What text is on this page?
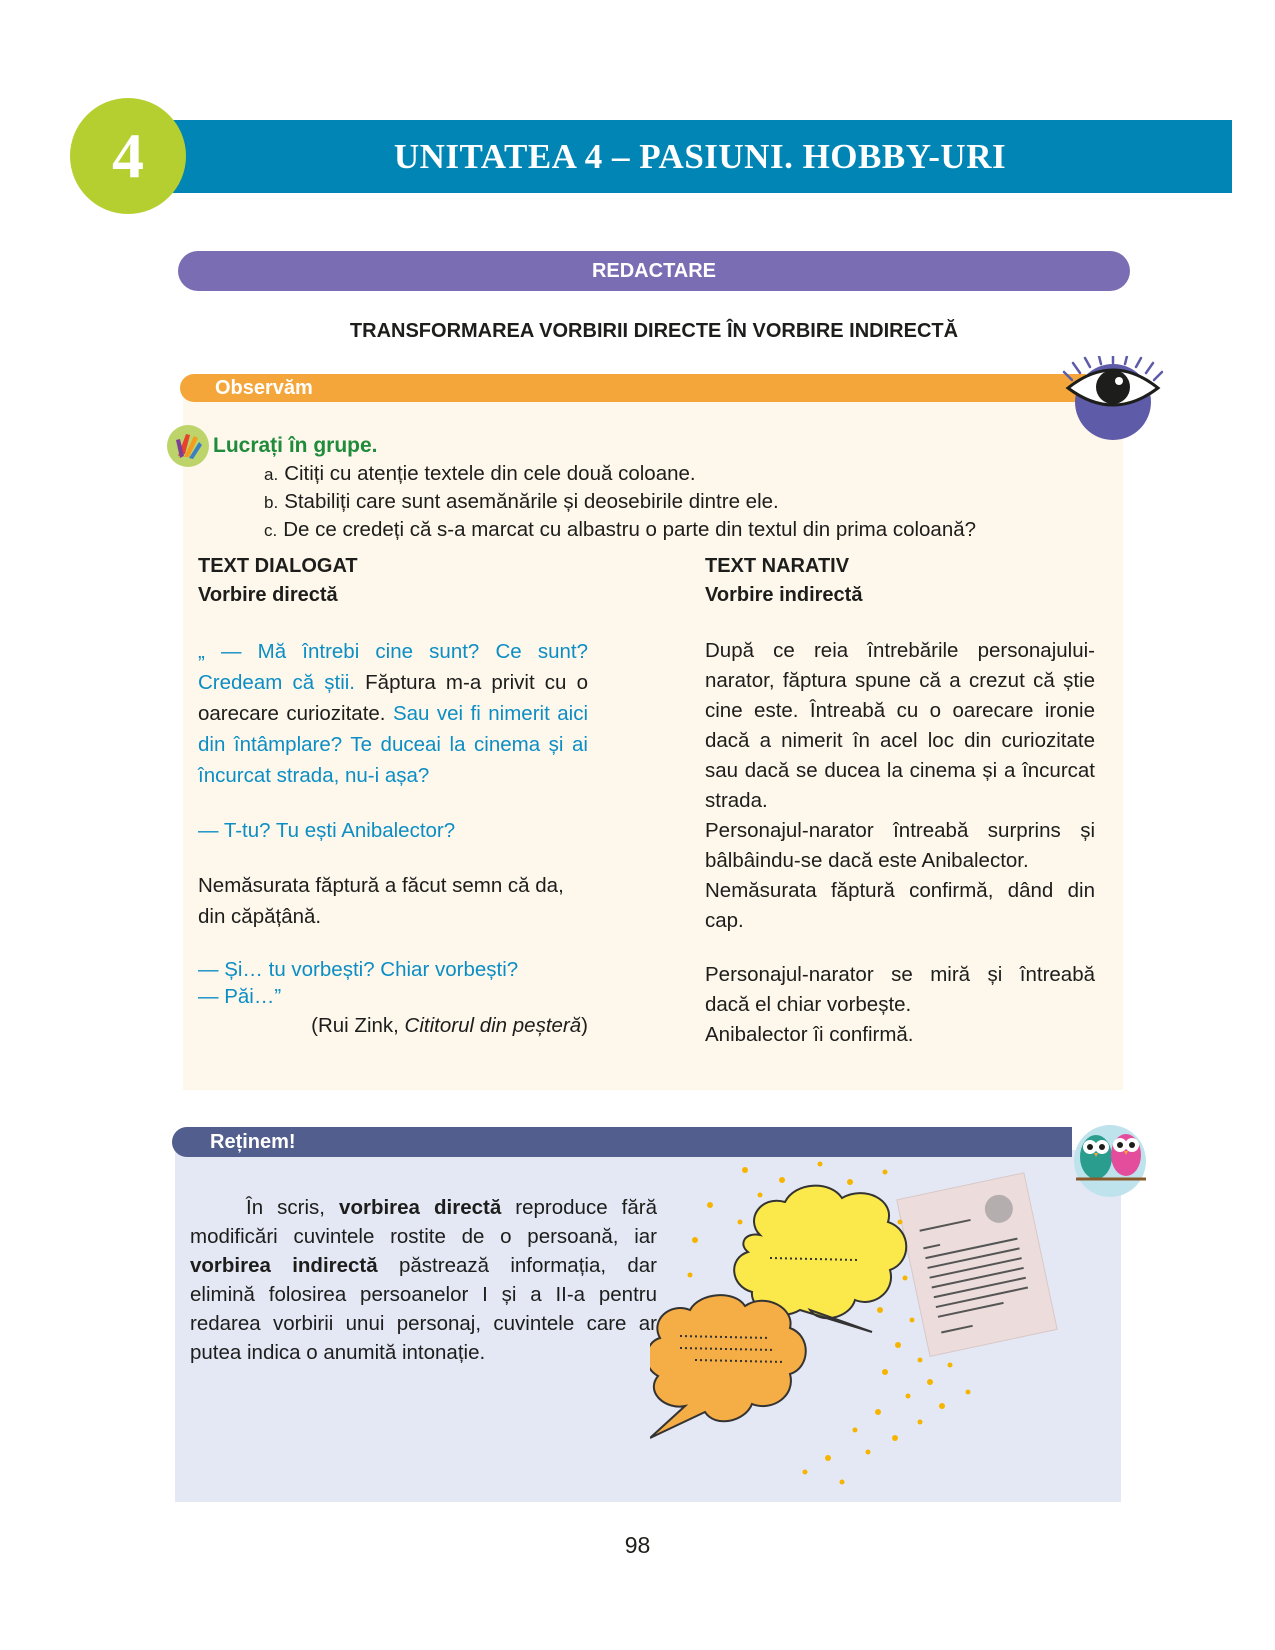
UNITATEA 4 – PASIUNI. HOBBY-URI
4
REDACTARE
TRANSFORMAREA VORBIRII DIRECTE ÎN VORBIRE INDIRECTĂ
Observăm
Lucrați în grupe.
a. Citiți cu atenție textele din cele două coloane.
b. Stabiliți care sunt asemănările și deosebirile dintre ele.
c. De ce credeți că s-a marcat cu albastru o parte din textul din prima coloană?
TEXT DIALOGAT
Vorbire directă

„ — Mă întrebi cine sunt? Ce sunt? Credeam că știi. Făptura m-a privit cu o oarecare curiozitate. Sau vei fi nimerit aici din întâmplare? Te duceai la cinema și ai încurcat strada, nu-i așa?

— T-tu? Tu ești Anibalector?

Nemăsurata făptură a făcut semn că da, din căpățână.

— Și… tu vorbești? Chiar vorbești?

— Păi…”

(Rui Zink, Cititorul din peșteră)

TEXT NARATIV
Vorbire indirectă

După ce reia întrebările personajului-narator, făptura spune că a crezut că știe cine este. Întreabă cu o oarecare ironie dacă a nimerit în acel loc din curiozitate sau dacă se ducea la cinema și a încurcat strada.

Personajul-narator întreabă surprins și bâlbâindu-se dacă este Anibalector.

Nemăsurata făptură confirmă, dând din cap.

Personajul-narator se miră și întreabă dacă el chiar vorbește.

Anibalector îi confirmă.

Reținem!

În scris, vorbirea directă reproduce fără modificări cuvintele rostite de o persoană, iar vorbirea indirectă păstrează informația, dar elimină folosirea persoanelor I și a II-a pentru redarea vorbirii unui personaj, cuvintele care ar putea indica o anumită intonație.

98
